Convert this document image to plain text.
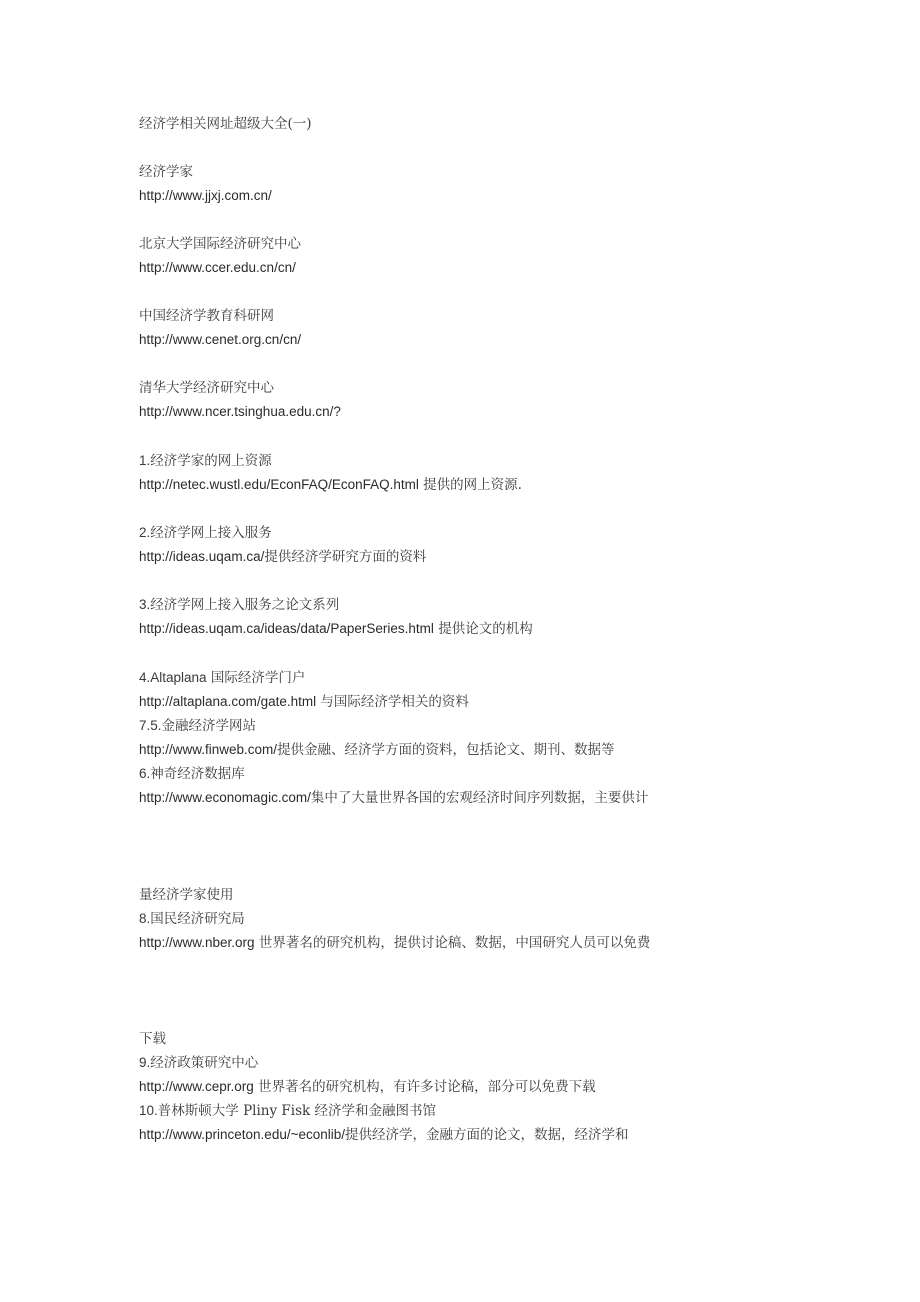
经济学相关网址超级大全(一)
经济学家
http://www.jjxj.com.cn/
北京大学国际经济研究中心
http://www.ccer.edu.cn/cn/
中国经济学教育科研网
http://www.cenet.org.cn/cn/
清华大学经济研究中心
http://www.ncer.tsinghua.edu.cn/?
1.经济学家的网上资源
http://netec.wustl.edu/EconFAQ/EconFAQ.html 提供的网上资源.
2.经济学网上接入服务
http://ideas.uqam.ca/提供经济学研究方面的资料
3.经济学网上接入服务之论文系列
http://ideas.uqam.ca/ideas/data/PaperSeries.html 提供论文的机构
4.Altaplana 国际经济学门户
http://altaplana.com/gate.html 与国际经济学相关的资料
7.5.金融经济学网站
http://www.finweb.com/提供金融、经济学方面的资料，包括论文、期刊、数据等
6.神奇经济数据库
http://www.economagic.com/集中了大量世界各国的宏观经济时间序列数据，主要供计
量经济学家使用
8.国民经济研究局
http://www.nber.org 世界著名的研究机构，提供讨论稿、数据，中国研究人员可以免费
下载
9.经济政策研究中心
http://www.cepr.org 世界著名的研究机构，有许多讨论稿，部分可以免费下载
10.普林斯顿大学 Pliny Fisk 经济学和金融图书馆
http://www.princeton.edu/~econlib/提供经济学，金融方面的论文，数据，经济学和
